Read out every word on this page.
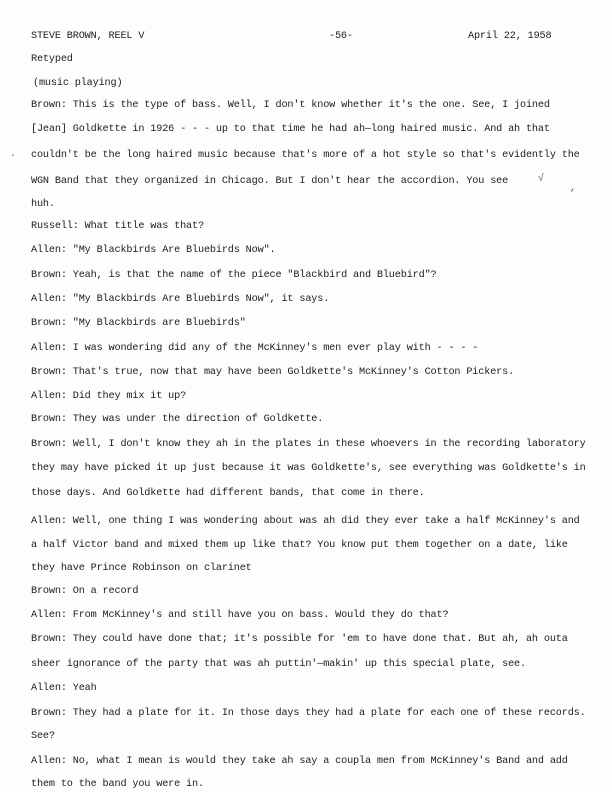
STEVE BROWN, REEL V	-56-	April 22, 1958
Retyped
(music playing)
Brown: This is the type of bass. Well, I don't know whether it's the one. See, I joined
[Jean] Goldkette in 1926 - - - up to that time he had ah—long haired music. And ah that
couldn't be the long haired music because that's more of a hot style so that's evidently the
WGN Band that they organized in Chicago. But I don't hear the accordion. You see
huh.
Russell: What title was that?
Allen: "My Blackbirds Are Bluebirds Now".
Brown: Yeah, is that the name of the piece "Blackbird and Bluebird"?
Allen: "My Blackbirds Are Bluebirds Now", it says.
Brown: "My Blackbirds are Bluebirds"
Allen: I was wondering did any of the McKinney's men ever play with - - - -
Brown: That's true, now that may have been Goldkette's McKinney's Cotton Pickers.
Allen: Did they mix it up?
Brown: They was under the direction of Goldkette.
Brown: Well, I don't know they ah in the plates in these whoevers in the recording laboratory
they may have picked it up just because it was Goldkette's, see everything was Goldkette's in
those days. And Goldkette had different bands, that come in there.
Allen: Well, one thing I was wondering about was ah did they ever take a half McKinney's and
a half Victor band and mixed them up like that? You know put them together on a date, like
they have Prince Robinson on clarinet
Brown: On a record
Allen: From McKinney's and still have you on bass. Would they do that?
Brown: They could have done that; it's possible for 'em to have done that. But ah, ah outa
sheer ignorance of the party that was ah puttin'—makin' up this special plate, see.
Allen: Yeah
Brown: They had a plate for it. In those days they had a plate for each one of these records.
See?
Allen: No, what I mean is would they take ah say a coupla men from McKinney's Band and add
them to the band you were in.
√
,
.
